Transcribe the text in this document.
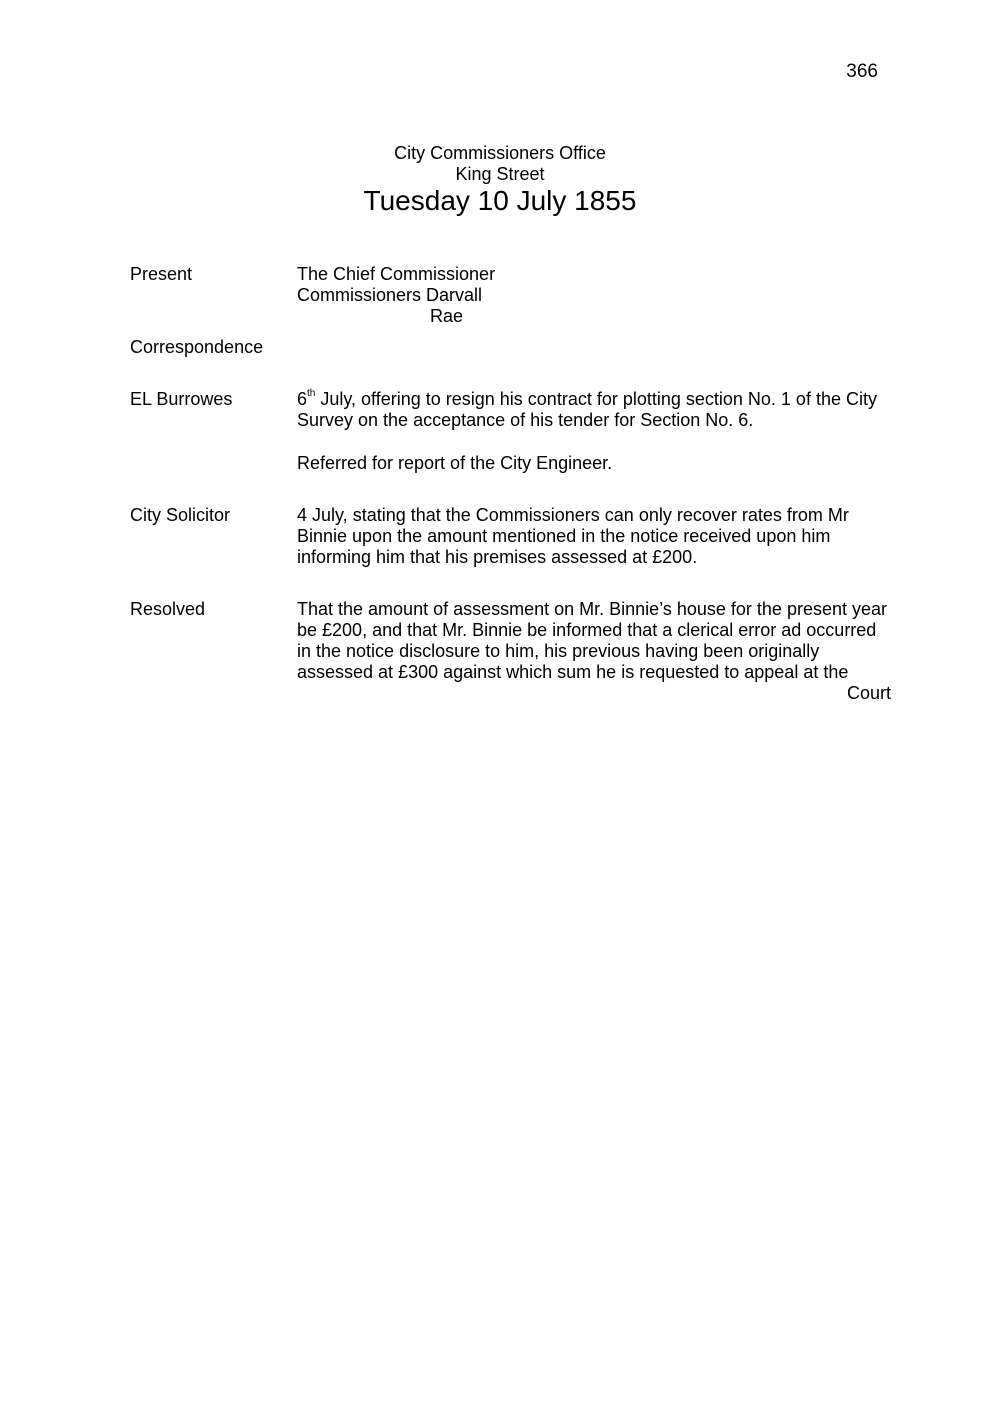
366
City Commissioners Office
King Street
Tuesday 10 July 1855
Present	The Chief Commissioner
Commissioners Darvall
Rae
Correspondence
EL Burrowes	6th July, offering to resign his contract for plotting section No. 1 of the City
Survey on the acceptance of his tender for Section No. 6.
Referred for report of the City Engineer.
City Solicitor	4 July, stating that the Commissioners can only recover rates from Mr
Binnie upon the amount mentioned in the notice received upon him
informing him that his premises assessed at £200.
Resolved	That the amount of assessment on Mr. Binnie’s house for the present year
be £200, and that Mr. Binnie be informed that a clerical error ad occurred
in the notice disclosure to him, his previous having been originally
assessed at £300 against which sum he is requested to appeal at the
Court
